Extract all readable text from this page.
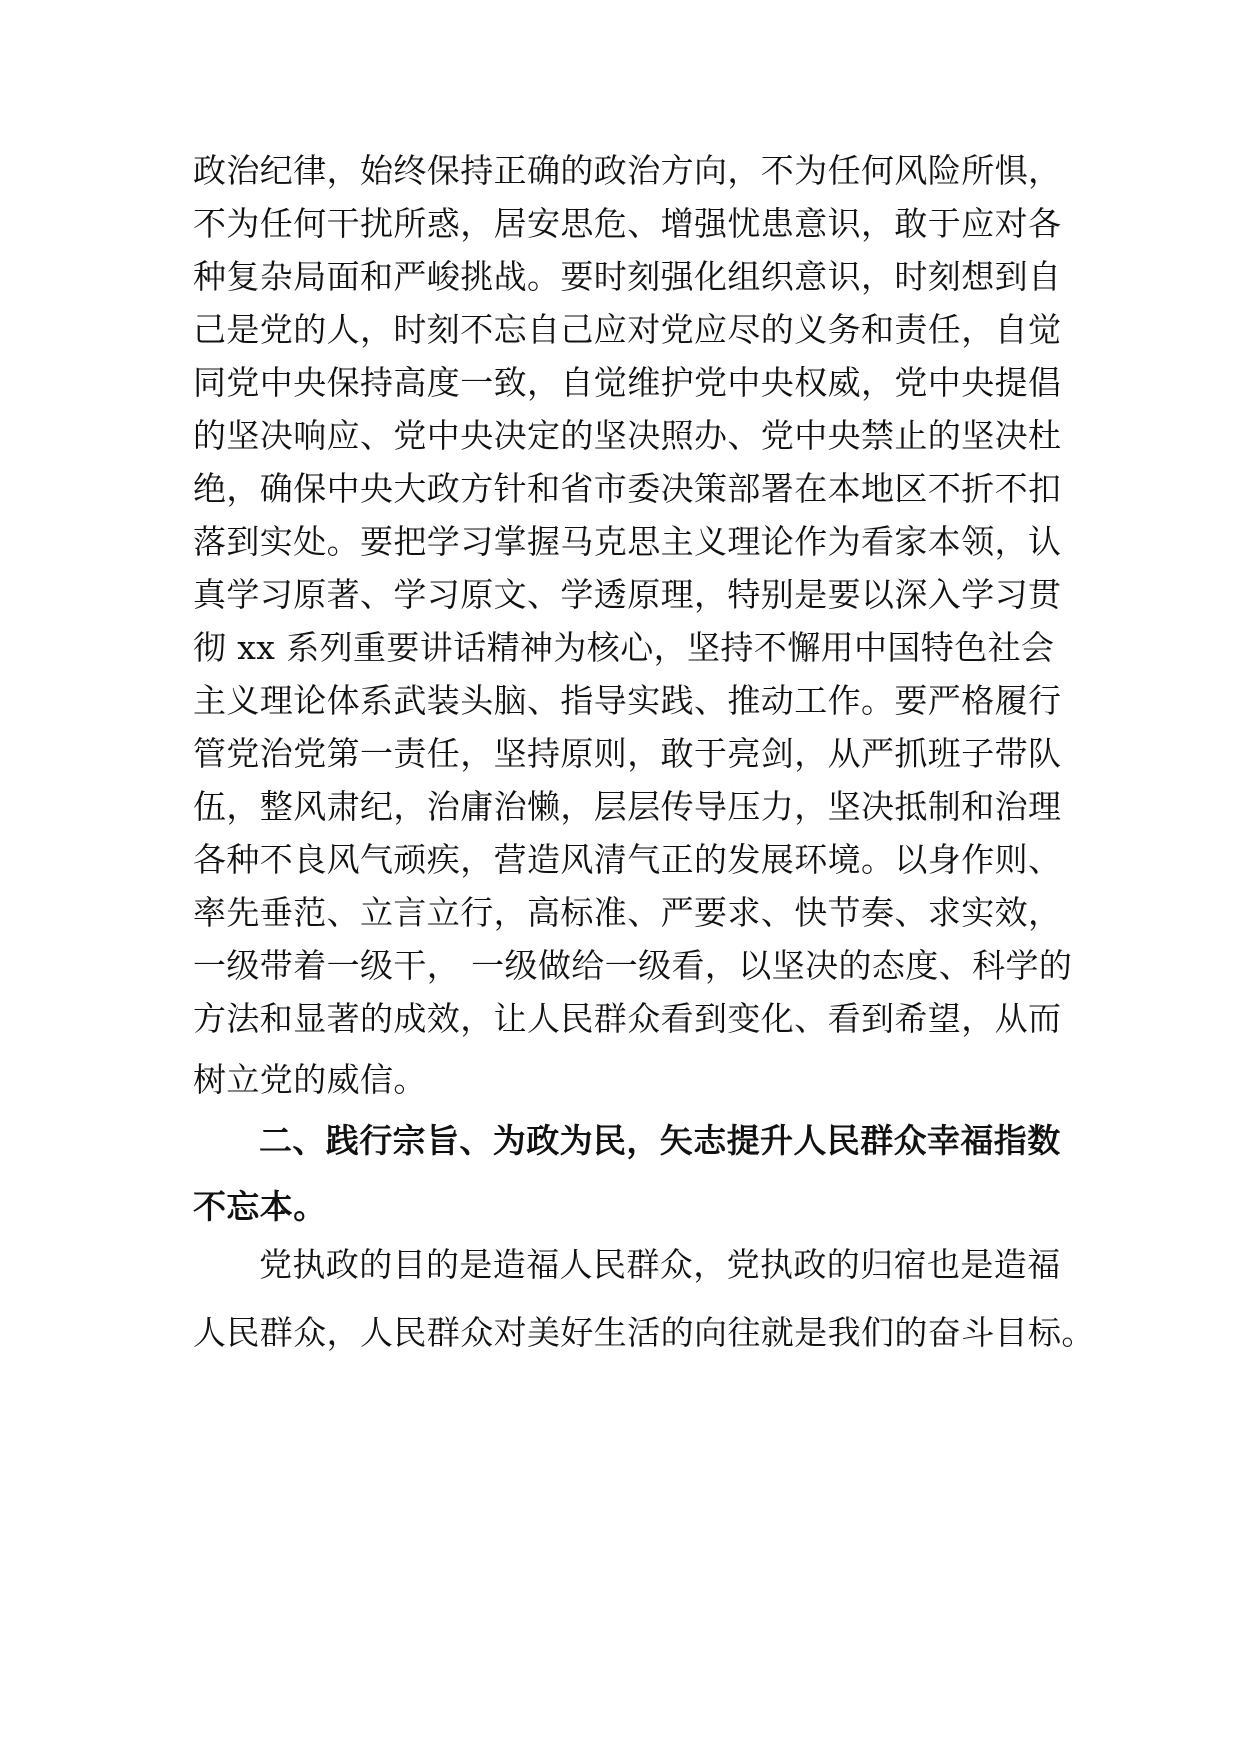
政治纪律，始终保持正确的政治方向，不为任何风险所惧，
不为任何干扰所惑，居安思危、增强忧患意识，敢于应对各
种复杂局面和严峻挑战。要时刻强化组织意识，时刻想到自
己是党的人，时刻不忘自己应对党应尽的义务和责任，自觉
同党中央保持高度一致，自觉维护党中央权威，党中央提倡
的坚决响应、党中央决定的坚决照办、党中央禁止的坚决杜
绝，确保中央大政方针和省市委决策部署在本地区不折不扣
落到实处。要把学习掌握马克思主义理论作为看家本领，认
真学习原著、学习原文、学透原理，特别是要以深入学习贯
彻 xx 系列重要讲话精神为核心，坚持不懈用中国特色社会
主义理论体系武装头脑、指导实践、推动工作。要严格履行
管党治党第一责任，坚持原则，敢于亮剑，从严抓班子带队
伍，整风肃纪，治庸治懒，层层传导压力，坚决抵制和治理
各种不良风气顽疾，营造风清气正的发展环境。以身作则、
率先垂范、立言立行，高标准、严要求、快节奏、求实效，
一级带着一级干， 一级做给一级看，以坚决的态度、科学的
方法和显著的成效，让人民群众看到变化、看到希望，从而
树立党的威信。
二、践行宗旨、为政为民，矢志提升人民群众幸福指数
不忘本。
党执政的目的是造福人民群众，党执政的归宿也是造福
人民群众，人民群众对美好生活的向往就是我们的奋斗目标。
